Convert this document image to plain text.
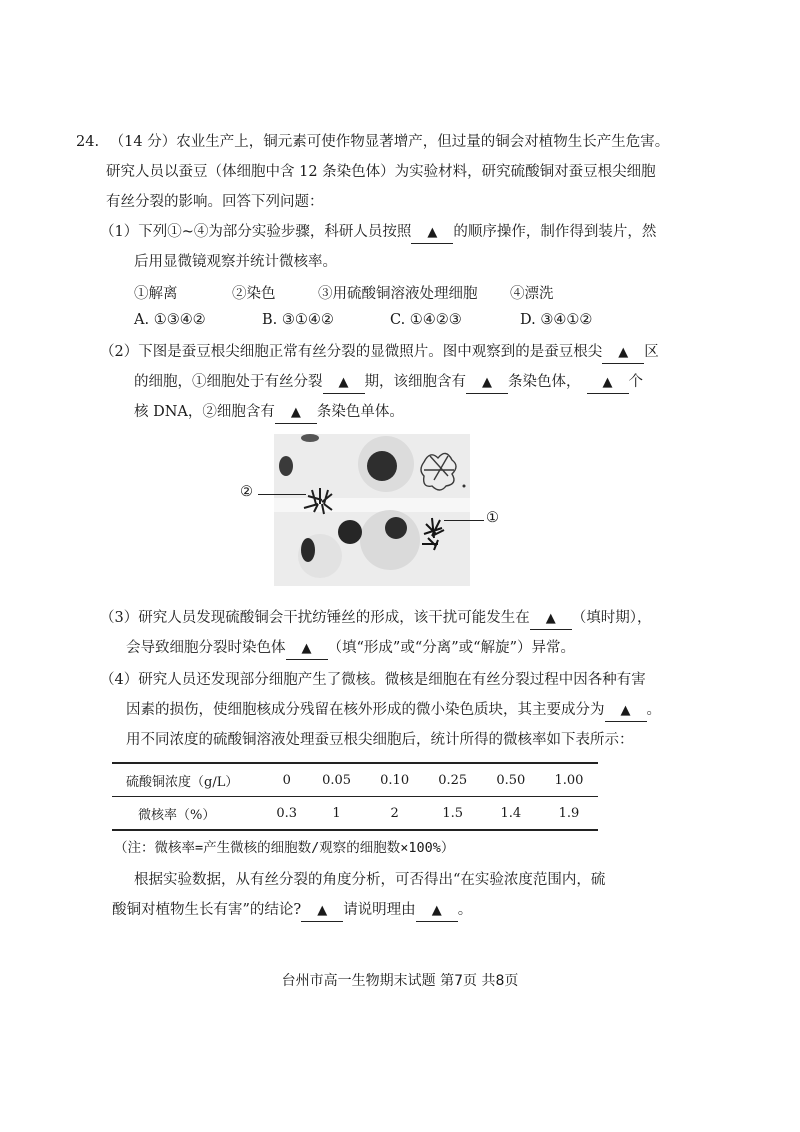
24. （14 分）农业生产上，铜元素可使作物显著增产，但过量的铜会对植物生长产生危害。
研究人员以蚕豆（体细胞中含 12 条染色体）为实验材料，研究硫酸铜对蚕豆根尖细胞
有丝分裂的影响。回答下列问题：
（1）下列①~④为部分实验步骤，科研人员按照 ▲ 的顺序操作，制作得到装片，然
后用显微镜观察并统计微核率。
①解离	②染色	③用硫酸铜溶液处理细胞 ④漂洗
A. ①③④②	B. ③①④②	C. ①④②③	D. ③④①②
（2）下图是蚕豆根尖细胞正常有丝分裂的显微照片。图中观察到的是蚕豆根尖 ▲ 区
的细胞，①细胞处于有丝分裂 ▲ 期，该细胞含有 ▲ 条染色体， ▲ 个
核 DNA，②细胞含有 ▲ 条染色单体。
②
①
（3）研究人员发现硫酸铜会干扰纺锤丝的形成，该干扰可能发生在 ▲ （填时期），
会导致细胞分裂时染色体 ▲ （填“形成”或“分离”或“解旋”）异常。
（4）研究人员还发现部分细胞产生了微核。微核是细胞在有丝分裂过程中因各种有害
因素的损伤，使细胞核成分残留在核外形成的微小染色质块，其主要成分为 ▲ 。
用不同浓度的硫酸铜溶液处理蚕豆根尖细胞后，统计所得的微核率如下表所示：
硫酸铜浓度（g/L）	0	0.05	0.10	0.25	0.50	1.00
微核率（%）	0.3	1	2	1.5	1.4	1.9
（注：微核率=产生微核的细胞数/观察的细胞数×100%）
根据实验数据，从有丝分裂的角度分析，可否得出“在实验浓度范围内，硫
酸铜对植物生长有害”的结论? ▲ 请说明理由 ▲ 。
台州市高一生物期末试题 第7页 共8页
